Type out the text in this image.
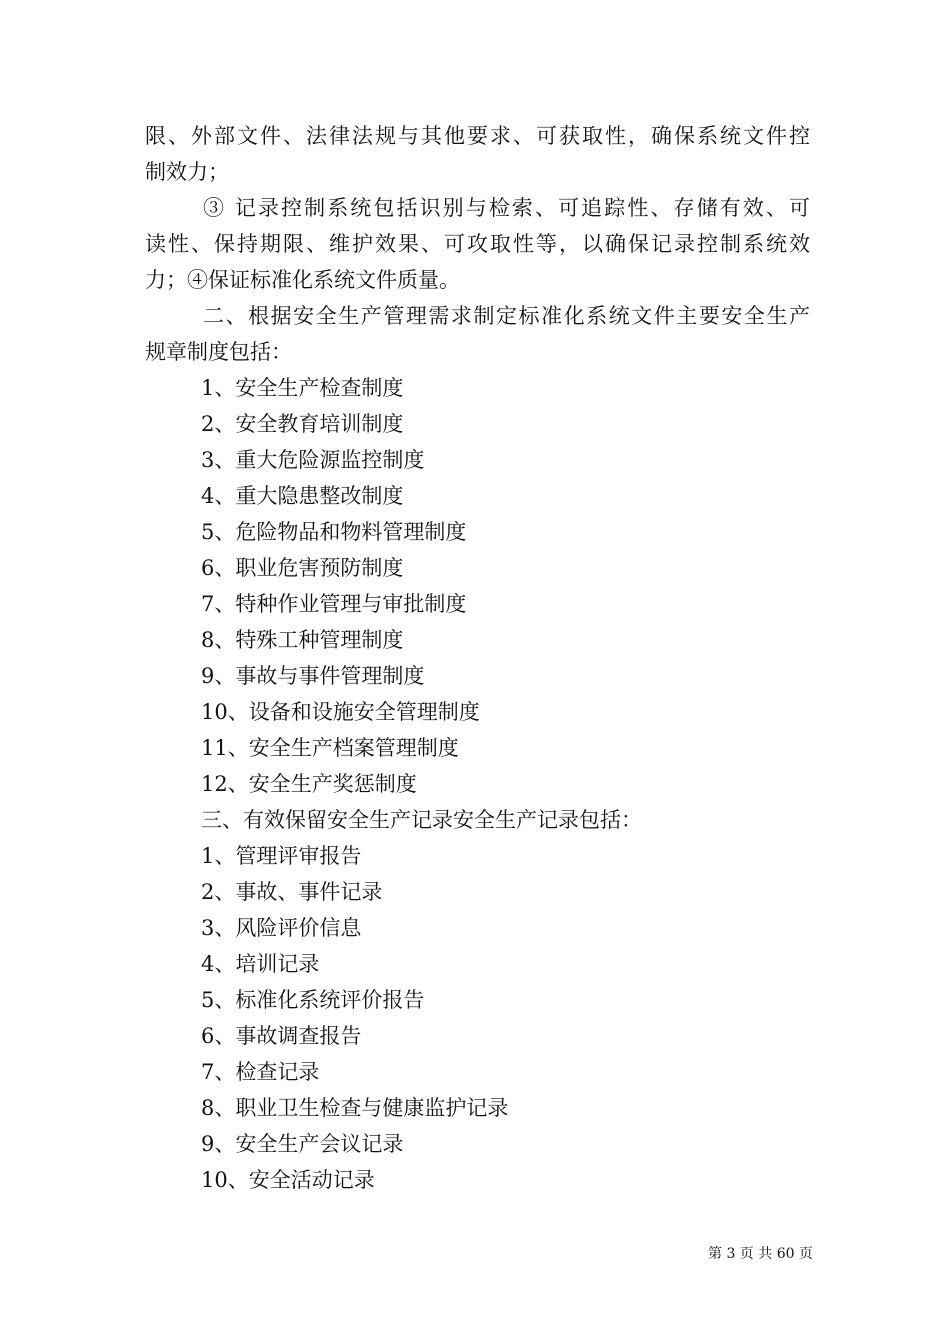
限、外部文件、法律法规与其他要求、可获取性，确保系统文件控
制效力；
③ 记录控制系统包括识别与检索、可追踪性、存储有效、可
读性、保持期限、维护效果、可攻取性等，以确保记录控制系统效
力；④保证标准化系统文件质量。
二、根据安全生产管理需求制定标准化系统文件主要安全生产
规章制度包括：
1、安全生产检查制度
2、安全教育培训制度
3、重大危险源监控制度
4、重大隐患整改制度
5、危险物品和物料管理制度
6、职业危害预防制度
7、特种作业管理与审批制度
8、特殊工种管理制度
9、事故与事件管理制度
10、设备和设施安全管理制度
11、安全生产档案管理制度
12、安全生产奖惩制度
三、有效保留安全生产记录安全生产记录包括：
1、管理评审报告
2、事故、事件记录
3、风险评价信息
4、培训记录
5、标准化系统评价报告
6、事故调查报告
7、检查记录
8、职业卫生检查与健康监护记录
9、安全生产会议记录
10、安全活动记录
第 3 页 共 60 页
